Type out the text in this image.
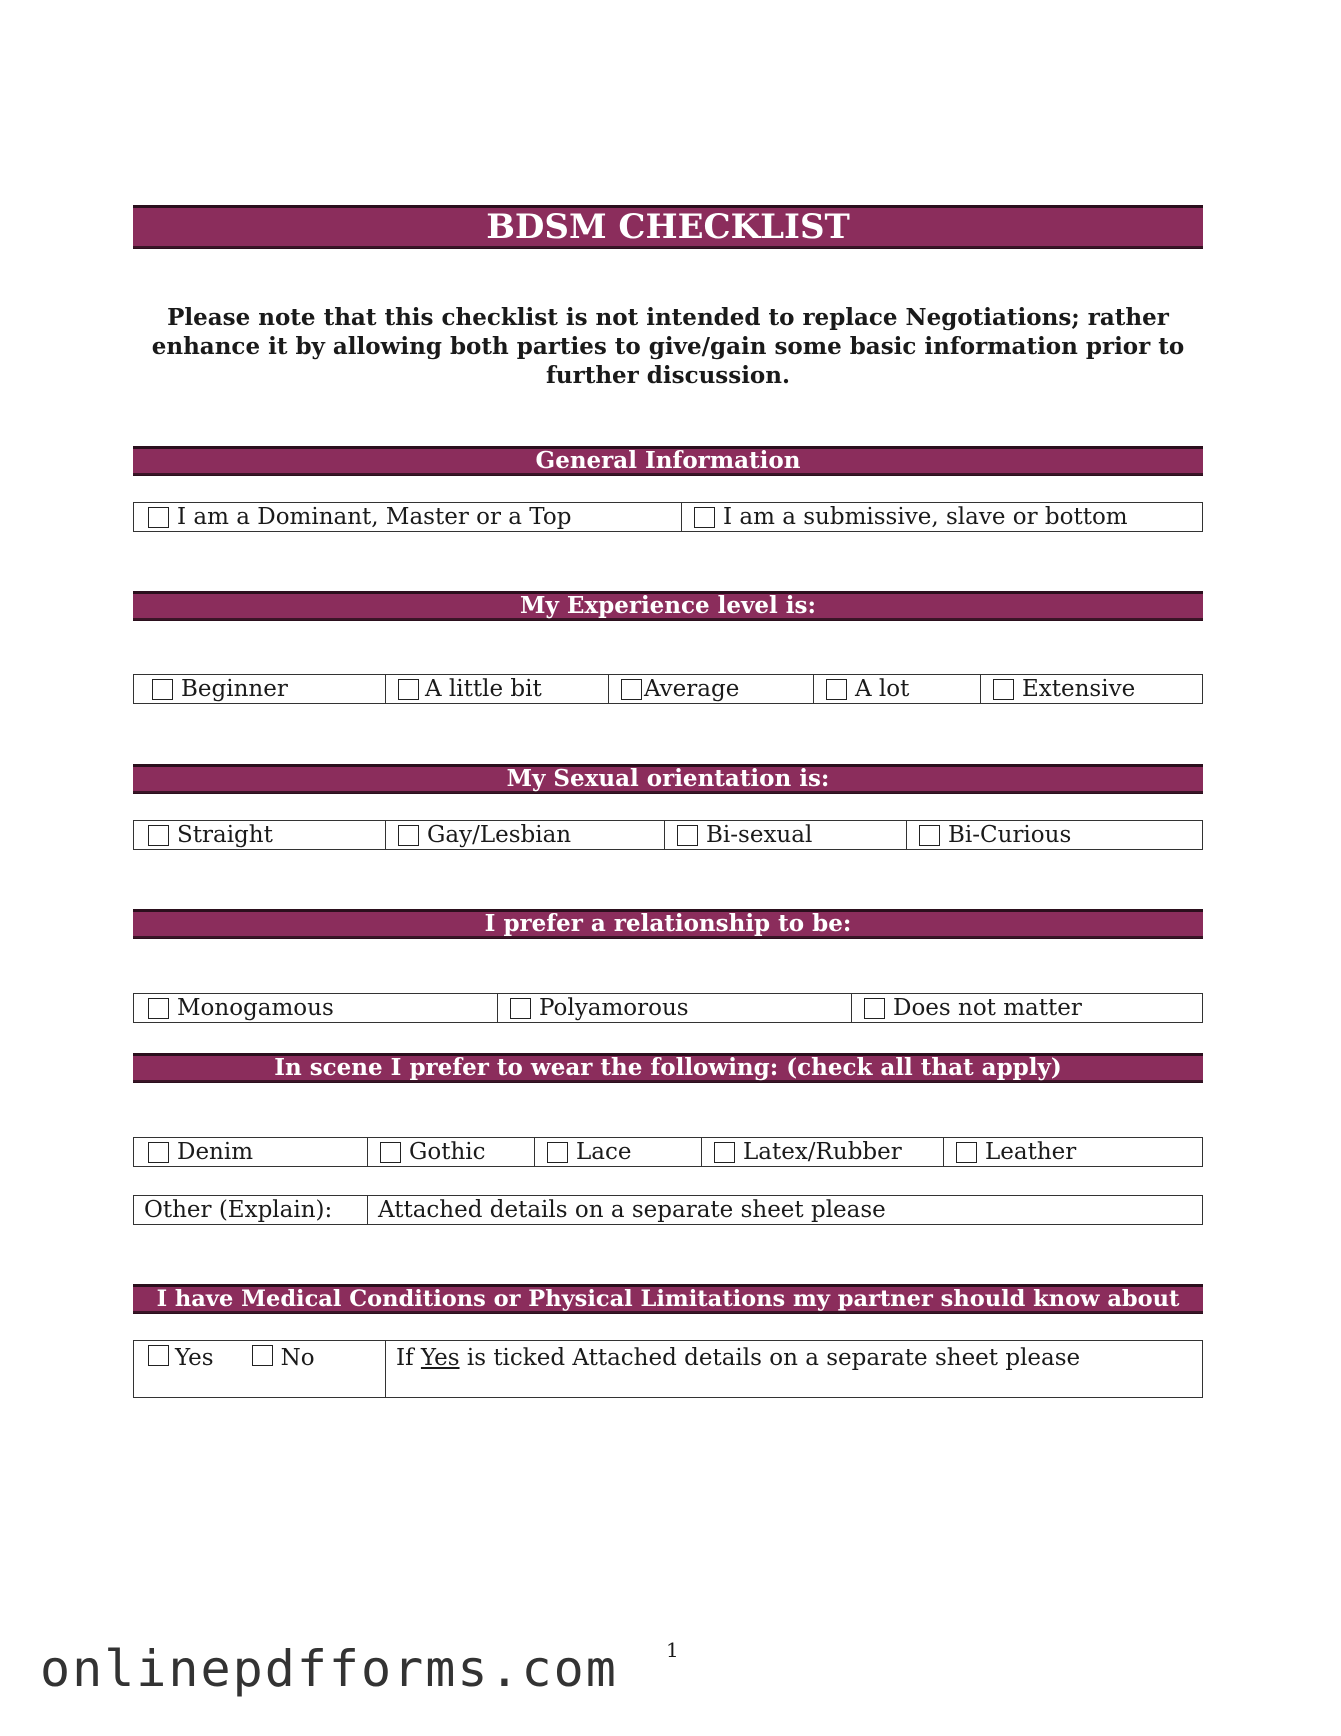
BDSM CHECKLIST
Please note that this checklist is not intended to replace Negotiations; rather enhance it by allowing both parties to give/gain some basic information prior to further discussion.
General Information
I am a Dominant, Master or a Top	I am a submissive, slave or bottom
My Experience level is:
Beginner	A little bit	Average	A lot	Extensive
My Sexual orientation is:
Straight	Gay/Lesbian	Bi-sexual	Bi-Curious
I prefer a relationship to be:
Monogamous	Polyamorous	Does not matter
In scene I prefer to wear the following: (check all that apply)
Denim	Gothic	Lace	Latex/Rubber	Leather
Other (Explain): Attached details on a separate sheet please
I have Medical Conditions or Physical Limitations my partner should know about
Yes	No	If Yes is ticked Attached details on a separate sheet please
onlinepdfforms.com 1
